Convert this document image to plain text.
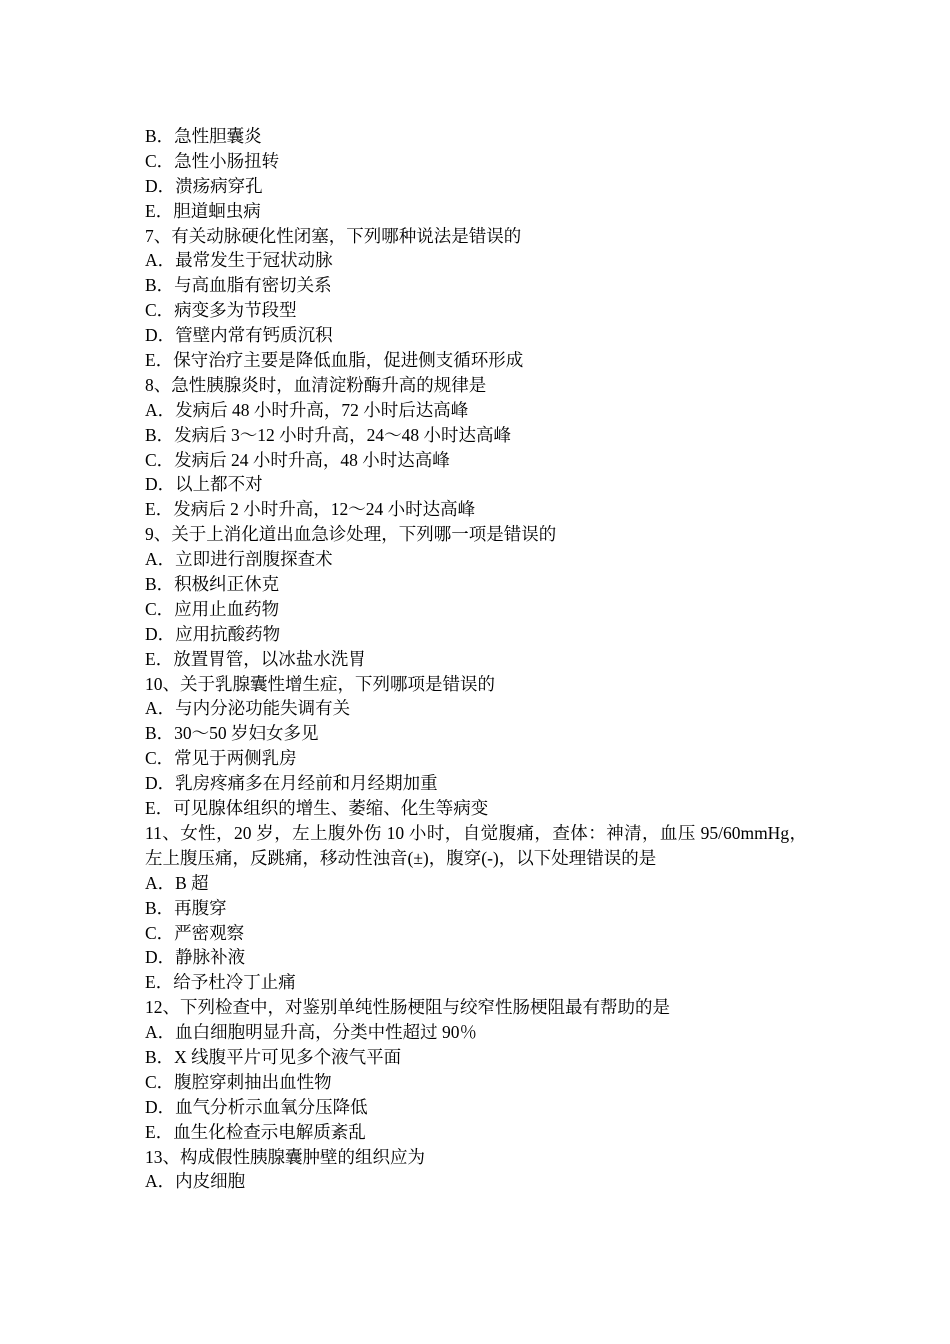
B．急性胆囊炎
C．急性小肠扭转
D．溃疡病穿孔
E．胆道蛔虫病
7、有关动脉硬化性闭塞，下列哪种说法是错误的
A．最常发生于冠状动脉
B．与高血脂有密切关系
C．病变多为节段型
D．管壁内常有钙质沉积
E．保守治疗主要是降低血脂，促进侧支循环形成
8、急性胰腺炎时，血清淀粉酶升高的规律是
A．发病后 48 小时升高，72 小时后达高峰
B．发病后 3～12 小时升高，24～48 小时达高峰
C．发病后 24 小时升高，48 小时达高峰
D．以上都不对
E．发病后 2 小时升高，12～24 小时达高峰
9、关于上消化道出血急诊处理，下列哪一项是错误的
A．立即进行剖腹探查术
B．积极纠正休克
C．应用止血药物
D．应用抗酸药物
E．放置胃管，以冰盐水洗胃
10、关于乳腺囊性增生症，下列哪项是错误的
A．与内分泌功能失调有关
B．30～50 岁妇女多见
C．常见于两侧乳房
D．乳房疼痛多在月经前和月经期加重
E．可见腺体组织的增生、萎缩、化生等病变
11、女性，20 岁，左上腹外伤 10 小时，自觉腹痛，查体：神清，血压 95/60mmHg，左上腹压痛，反跳痛，移动性浊音(±)，腹穿(-)，以下处理错误的是
A．B 超
B．再腹穿
C．严密观察
D．静脉补液
E．给予杜冷丁止痛
12、下列检查中，对鉴别单纯性肠梗阻与绞窄性肠梗阻最有帮助的是
A．血白细胞明显升高，分类中性超过 90％
B．X 线腹平片可见多个液气平面
C．腹腔穿刺抽出血性物
D．血气分析示血氧分压降低
E．血生化检查示电解质紊乱
13、构成假性胰腺囊肿壁的组织应为
A．内皮细胞
